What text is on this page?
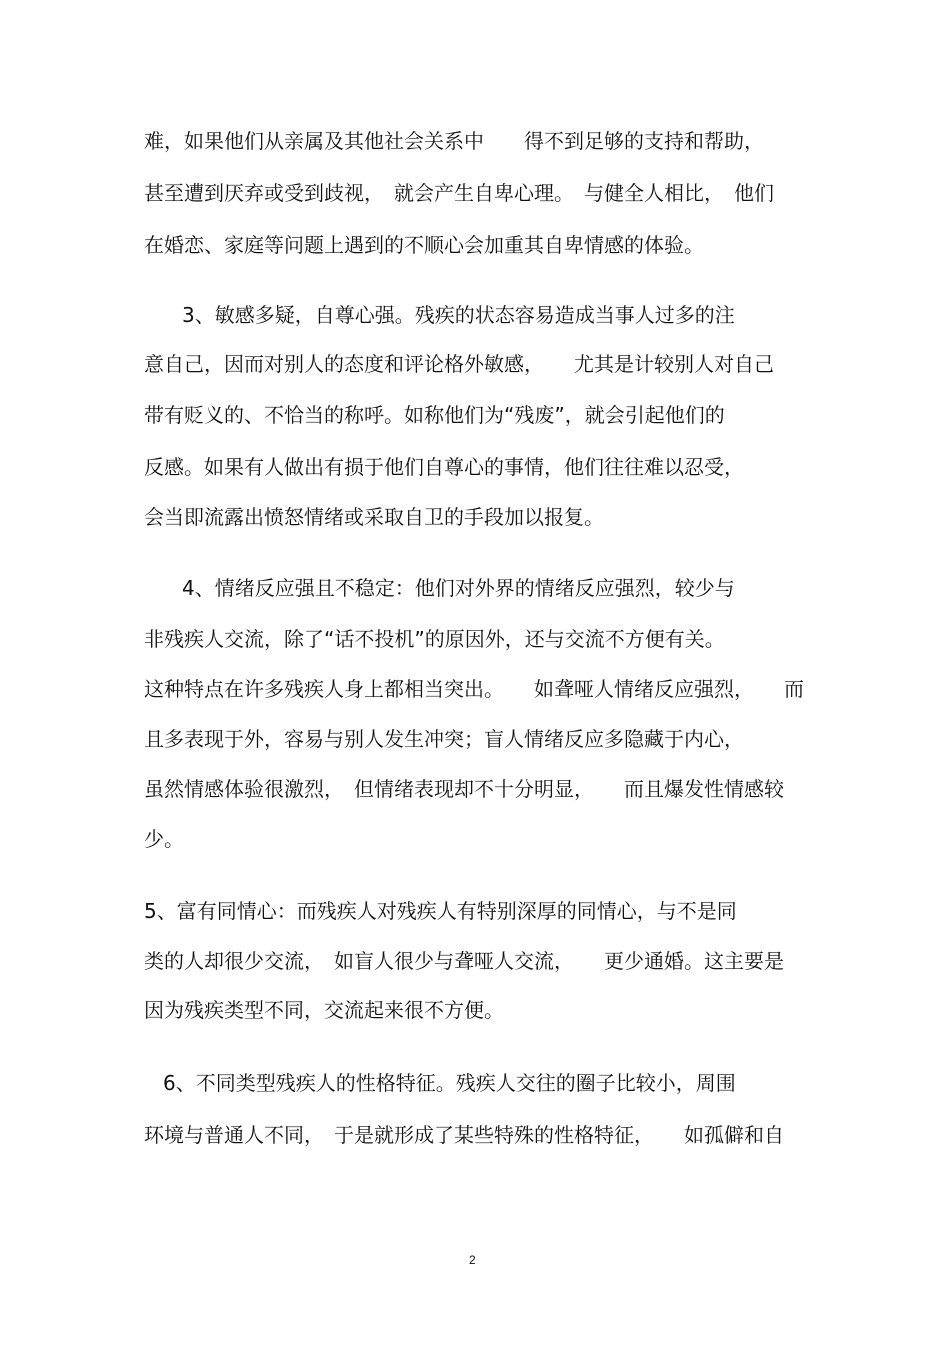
难，如果他们从亲属及其他社会关系中　　得不到足够的支持和帮助，
甚至遭到厌弃或受到歧视，　就会产生自卑心理。　与健全人相比，　他们
在婚恋、家庭等问题上遇到的不顺心会加重其自卑情感的体验。
3、敏感多疑，自尊心强。残疾的状态容易造成当事人过多的注
意自己，因而对别人的态度和评论格外敏感，　　尤其是计较别人对自己
带有贬义的、不恰当的称呼。如称他们为“残废”，就会引起他们的
反感。如果有人做出有损于他们自尊心的事情，他们往往难以忍受，
会当即流露出愤怒情绪或采取自卫的手段加以报复。
4、情绪反应强且不稳定：他们对外界的情绪反应强烈，较少与
非残疾人交流，除了“话不投机”的原因外，还与交流不方便有关。
这种特点在许多残疾人身上都相当突出。　　如聋哑人情绪反应强烈，　　而
且多表现于外，容易与别人发生冲突；盲人情绪反应多隐藏于内心，
虽然情感体验很激烈，　但情绪表现却不十分明显，　　而且爆发性情感较
少。
5、富有同情心：而残疾人对残疾人有特别深厚的同情心，与不是同
类的人却很少交流，　如盲人很少与聋哑人交流，　　更少通婚。这主要是
因为残疾类型不同，交流起来很不方便。
6、不同类型残疾人的性格特征。残疾人交往的圈子比较小，周围
环境与普通人不同，　于是就形成了某些特殊的性格特征，　　如孤僻和自
2
